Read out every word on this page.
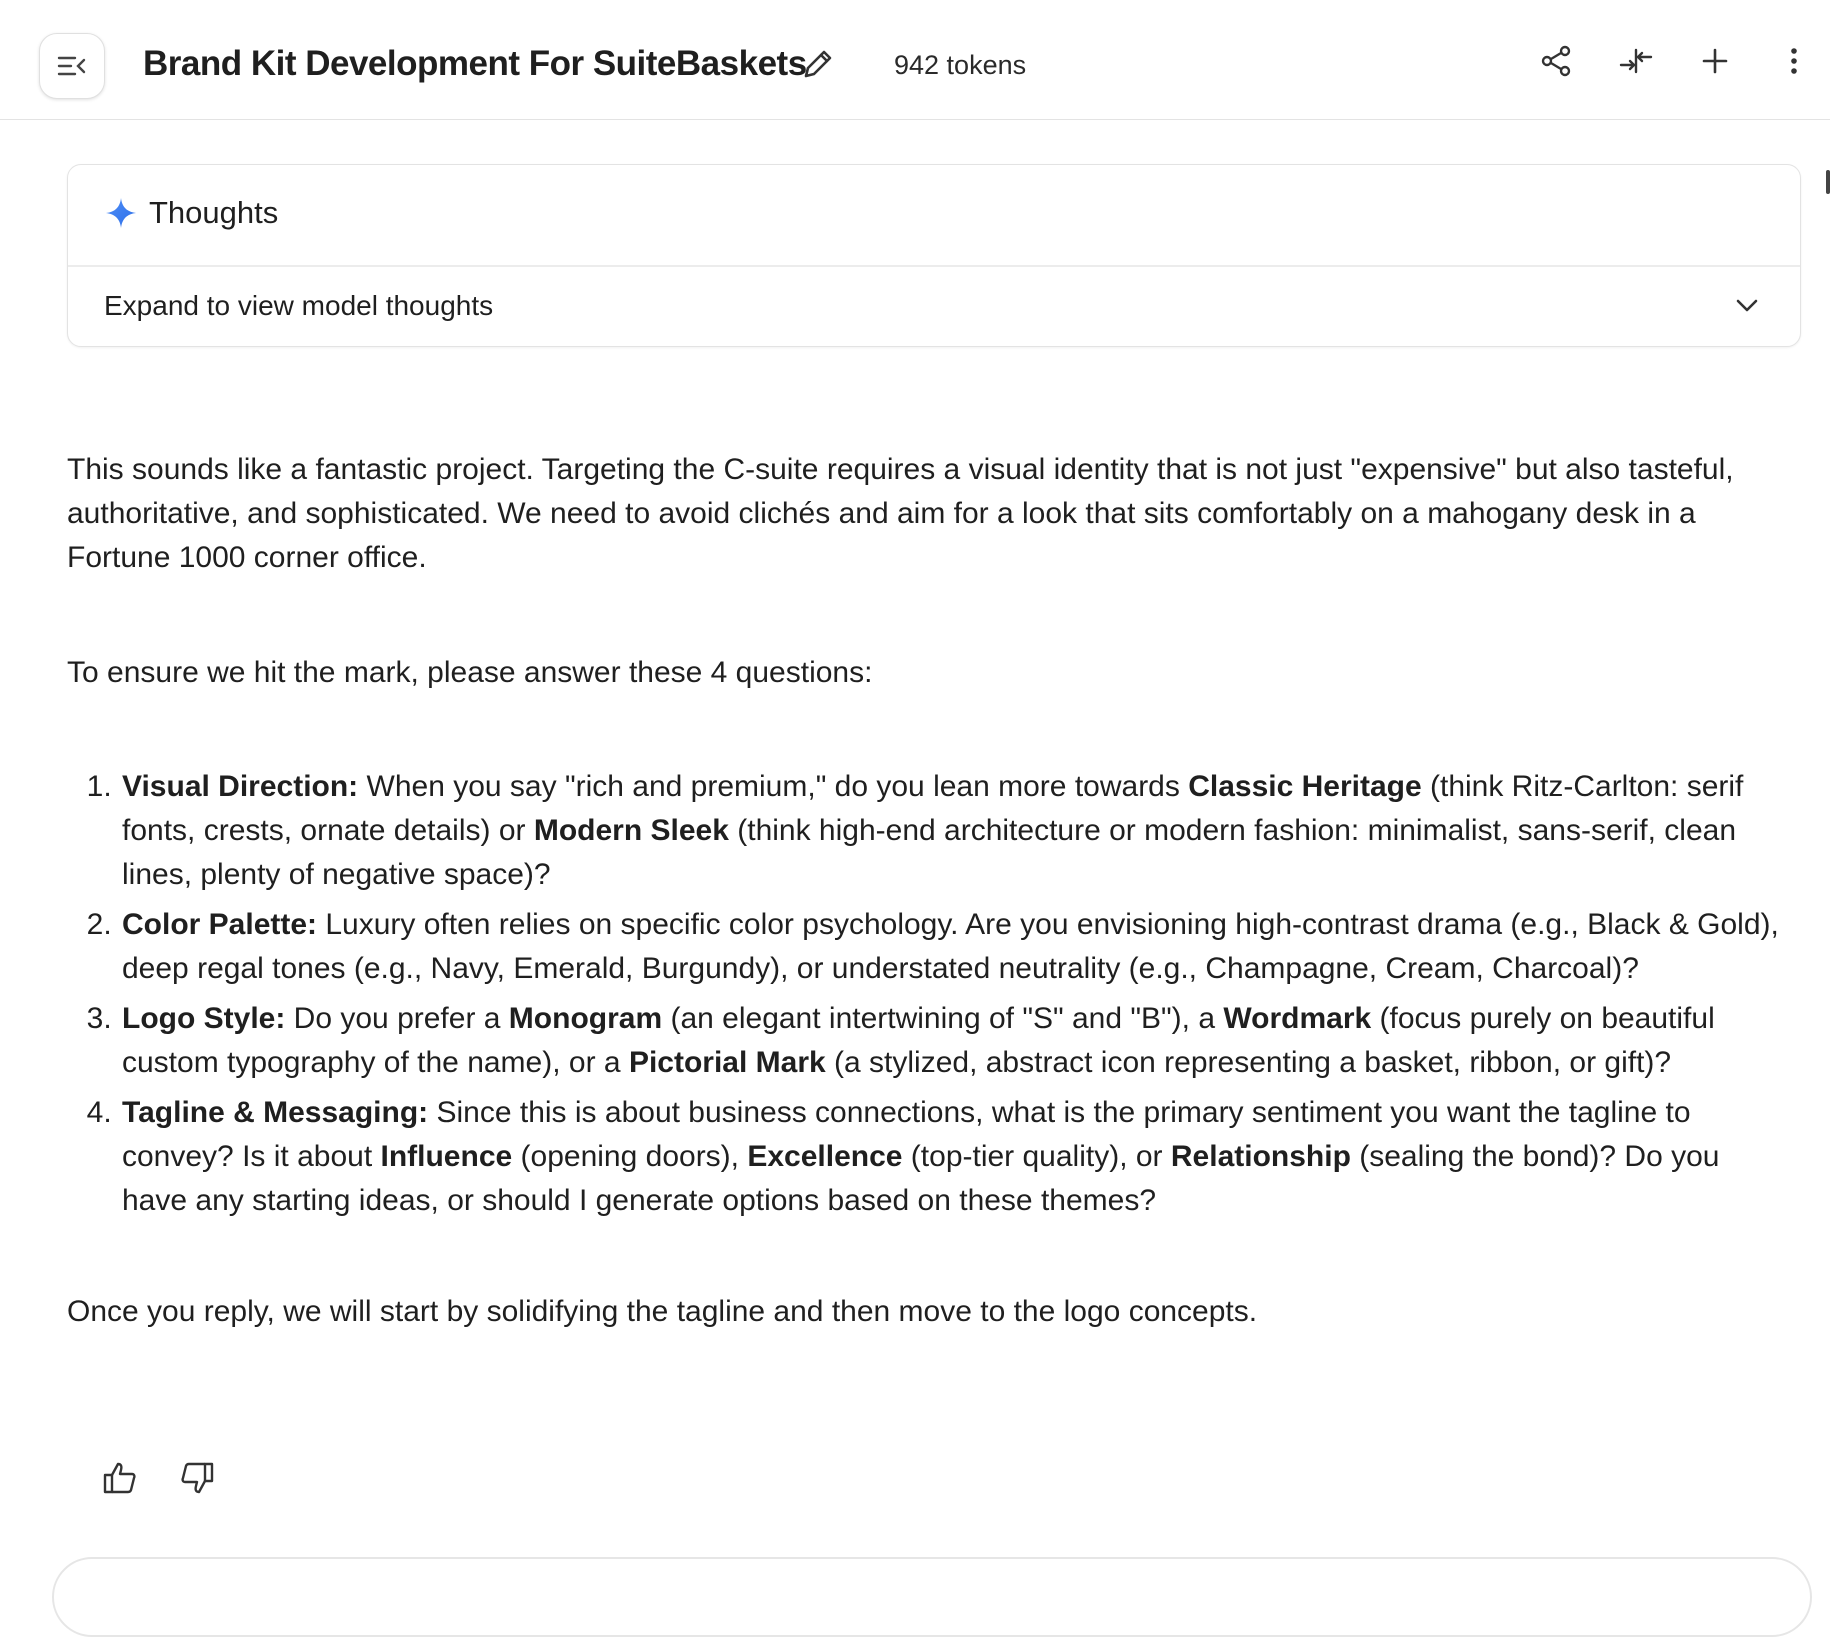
Brand Kit Development For SuiteBaskets	942 tokens
Thoughts
Expand to view model thoughts

This sounds like a fantastic project. Targeting the C-suite requires a visual identity that is not just "expensive" but also tasteful, authoritative, and sophisticated. We need to avoid clichés and aim for a look that sits comfortably on a mahogany desk in a Fortune 1000 corner office.

To ensure we hit the mark, please answer these 4 questions:

1. Visual Direction: When you say "rich and premium," do you lean more towards Classic Heritage (think Ritz-Carlton: serif fonts, crests, ornate details) or Modern Sleek (think high-end architecture or modern fashion: minimalist, sans-serif, clean lines, plenty of negative space)?
2. Color Palette: Luxury often relies on specific color psychology. Are you envisioning high-contrast drama (e.g., Black & Gold), deep regal tones (e.g., Navy, Emerald, Burgundy), or understated neutrality (e.g., Champagne, Cream, Charcoal)?
3. Logo Style: Do you prefer a Monogram (an elegant intertwining of "S" and "B"), a Wordmark (focus purely on beautiful custom typography of the name), or a Pictorial Mark (a stylized, abstract icon representing a basket, ribbon, or gift)?
4. Tagline & Messaging: Since this is about business connections, what is the primary sentiment you want the tagline to convey? Is it about Influence (opening doors), Excellence (top-tier quality), or Relationship (sealing the bond)? Do you have any starting ideas, or should I generate options based on these themes?

Once you reply, we will start by solidifying the tagline and then move to the logo concepts.
